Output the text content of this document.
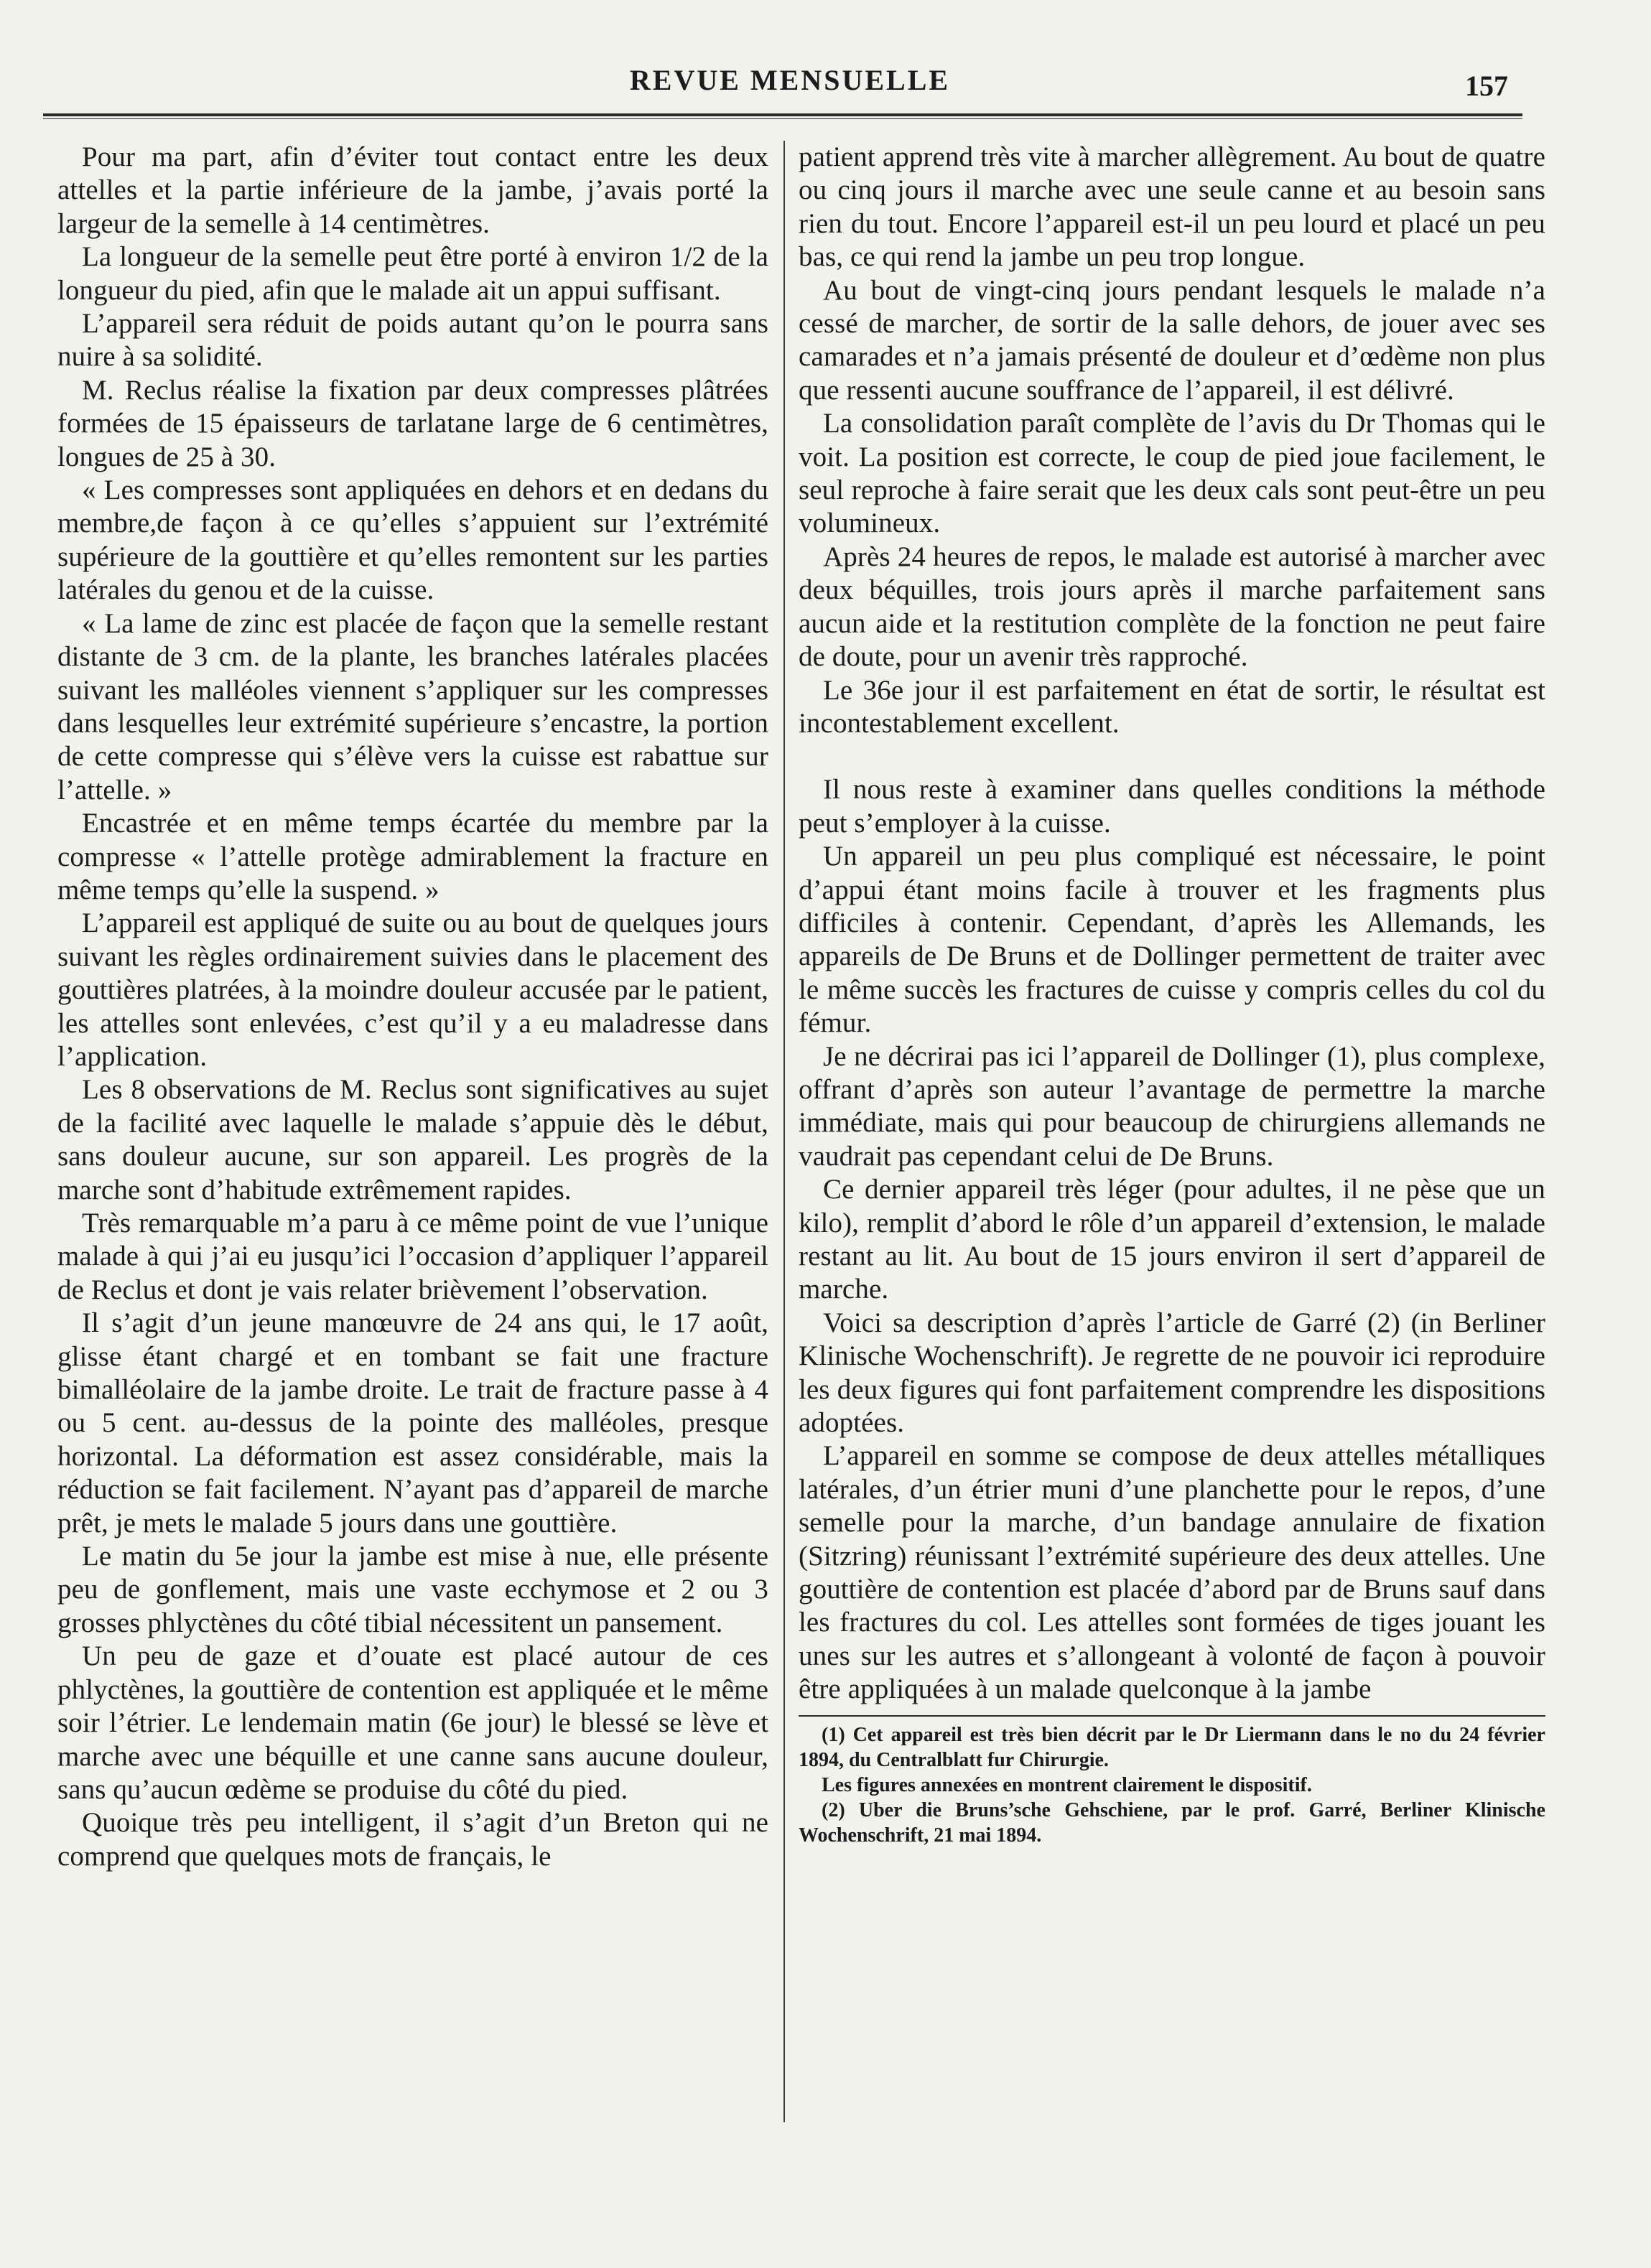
REVUE MENSUELLE	157

Pour ma part, afin d’éviter tout contact entre les deux attelles et la partie inférieure de la jambe, j’avais porté la largeur de la semelle à 14 centimètres.

La longueur de la semelle peut être porté à environ 1/2 de la longueur du pied, afin que le malade ait un appui suffisant.

L’appareil sera réduit de poids autant qu’on le pourra sans nuire à sa solidité.

M. Reclus réalise la fixation par deux compresses plâtrées formées de 15 épaisseurs de tarlatane large de 6 centimètres, longues de 25 à 30.

« Les compresses sont appliquées en dehors et en dedans du membre,de façon à ce qu’elles s’appuient sur l’extrémité supérieure de la gouttière et qu’elles remontent sur les parties latérales du genou et de la cuisse.

« La lame de zinc est placée de façon que la semelle restant distante de 3 cm. de la plante, les branches latérales placées suivant les malléoles viennent s’appliquer sur les compresses dans lesquelles leur extrémité supérieure s’encastre, la portion de cette compresse qui s’élève vers la cuisse est rabattue sur l’attelle. »

Encastrée et en même temps écartée du membre par la compresse « l’attelle protège admirablement la fracture en même temps qu’elle la suspend. »

L’appareil est appliqué de suite ou au bout de quelques jours suivant les règles ordinairement suivies dans le placement des gouttières platrées, à la moindre douleur accusée par le patient, les attelles sont enlevées, c’est qu’il y a eu maladresse dans l’application.

Les 8 observations de M. Reclus sont significatives au sujet de la facilité avec laquelle le malade s’appuie dès le début, sans douleur aucune, sur son appareil. Les progrès de la marche sont d’habitude extrêmement rapides.

Très remarquable m’a paru à ce même point de vue l’unique malade à qui j’ai eu jusqu’ici l’occasion d’appliquer l’appareil de Reclus et dont je vais relater brièvement l’observation.

Il s’agit d’un jeune manœuvre de 24 ans qui, le 17 août, glisse étant chargé et en tombant se fait une fracture bimalléolaire de la jambe droite. Le trait de fracture passe à 4 ou 5 cent. au-dessus de la pointe des malléoles, presque horizontal. La déformation est assez considérable, mais la réduction se fait facilement. N’ayant pas d’appareil de marche prêt, je mets le malade 5 jours dans une gouttière.

Le matin du 5e jour la jambe est mise à nue, elle présente peu de gonflement, mais une vaste ecchymose et 2 ou 3 grosses phlyctènes du côté tibial nécessitent un pansement.

Un peu de gaze et d’ouate est placé autour de ces phlyctènes, la gouttière de contention est appliquée et le même soir l’étrier. Le lendemain matin (6e jour) le blessé se lève et marche avec une béquille et une canne sans aucune douleur, sans qu’aucun œdème se produise du côté du pied.

Quoique très peu intelligent, il s’agit d’un Breton qui ne comprend que quelques mots de français, le

patient apprend très vite à marcher allègrement. Au bout de quatre ou cinq jours il marche avec une seule canne et au besoin sans rien du tout. Encore l’appareil est-il un peu lourd et placé un peu bas, ce qui rend la jambe un peu trop longue.

Au bout de vingt-cinq jours pendant lesquels le malade n’a cessé de marcher, de sortir de la salle dehors, de jouer avec ses camarades et n’a jamais présenté de douleur et d’œdème non plus que ressenti aucune souffrance de l’appareil, il est délivré.

La consolidation paraît complète de l’avis du Dr Thomas qui le voit. La position est correcte, le coup de pied joue facilement, le seul reproche à faire serait que les deux cals sont peut-être un peu volumineux.

Après 24 heures de repos, le malade est autorisé à marcher avec deux béquilles, trois jours après il marche parfaitement sans aucun aide et la restitution complète de la fonction ne peut faire de doute, pour un avenir très rapproché.

Le 36e jour il est parfaitement en état de sortir, le résultat est incontestablement excellent.

Il nous reste à examiner dans quelles conditions la méthode peut s’employer à la cuisse.

Un appareil un peu plus compliqué est nécessaire, le point d’appui étant moins facile à trouver et les fragments plus difficiles à contenir. Cependant, d’après les Allemands, les appareils de De Bruns et de Dollinger permettent de traiter avec le même succès les fractures de cuisse y compris celles du col du fémur.

Je ne décrirai pas ici l’appareil de Dollinger (1), plus complexe, offrant d’après son auteur l’avantage de permettre la marche immédiate, mais qui pour beaucoup de chirurgiens allemands ne vaudrait pas cependant celui de De Bruns.

Ce dernier appareil très léger (pour adultes, il ne pèse que un kilo), remplit d’abord le rôle d’un appareil d’extension, le malade restant au lit. Au bout de 15 jours environ il sert d’appareil de marche.

Voici sa description d’après l’article de Garré (2) (in Berliner Klinische Wochenschrift). Je regrette de ne pouvoir ici reproduire les deux figures qui font parfaitement comprendre les dispositions adoptées.

L’appareil en somme se compose de deux attelles métalliques latérales, d’un étrier muni d’une planchette pour le repos, d’une semelle pour la marche, d’un bandage annulaire de fixation (Sitzring) réunissant l’extrémité supérieure des deux attelles. Une gouttière de contention est placée d’abord par de Bruns sauf dans les fractures du col. Les attelles sont formées de tiges jouant les unes sur les autres et s’allongeant à volonté de façon à pouvoir être appliquées à un malade quelconque à la jambe

(1) Cet appareil est très bien décrit par le Dr Liermann dans le no du 24 février 1894, du Centralblatt fur Chirurgie.

Les figures annexées en montrent clairement le dispositif.

(2) Uber die Bruns’sche Gehschiene, par le prof. Garré, Berliner Klinische Wochenschrift, 21 mai 1894.
